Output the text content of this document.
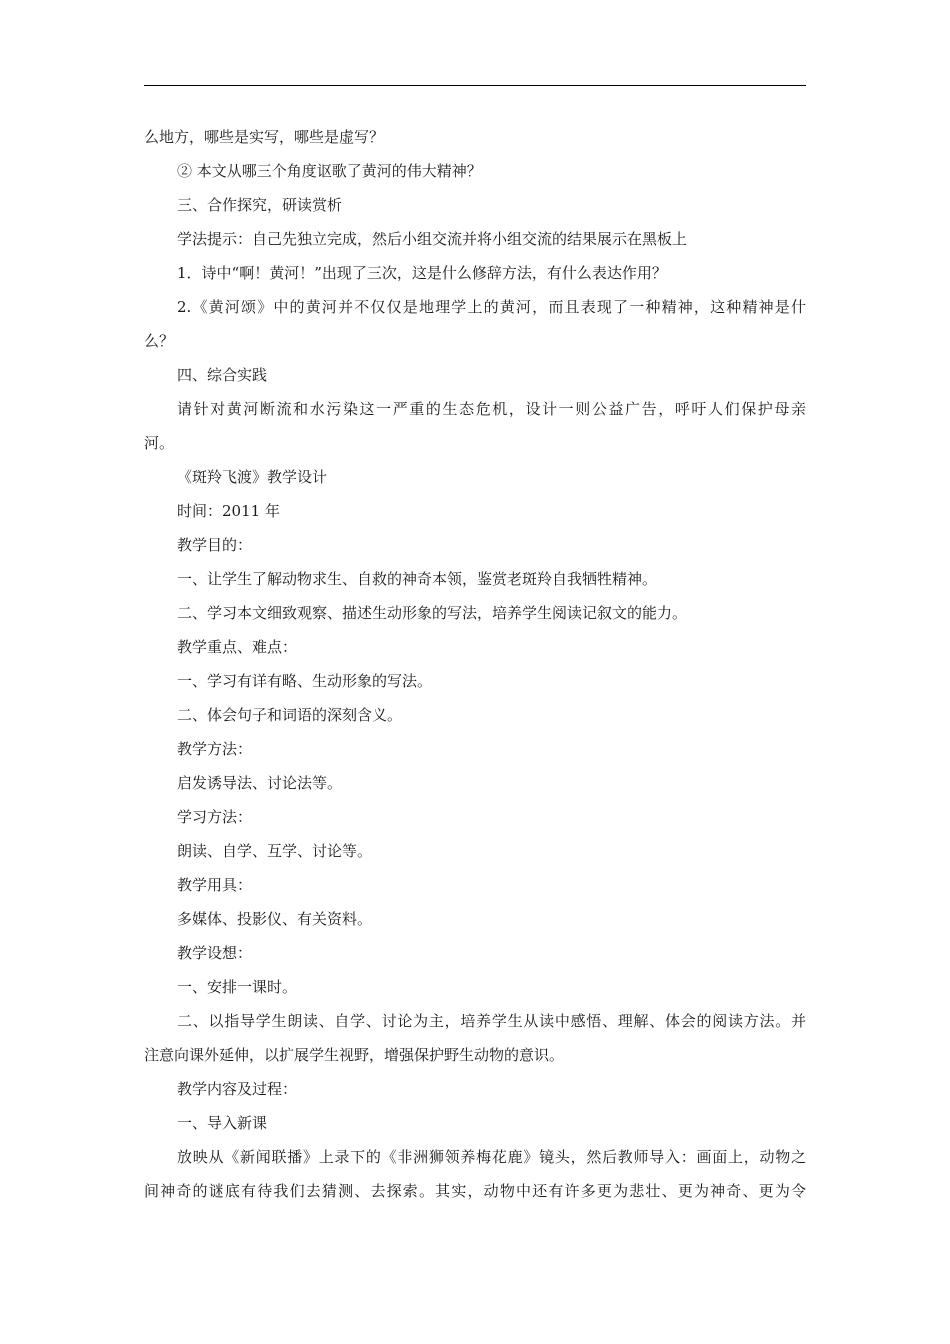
么地方，哪些是实写，哪些是虚写？
② 本文从哪三个角度讴歌了黄河的伟大精神？
三、合作探究，研读赏析
学法提示：自己先独立完成，然后小组交流并将小组交流的结果展示在黑板上
1．诗中“啊！黄河！”出现了三次，这是什么修辞方法，有什么表达作用？
2.《黄河颂》中的黄河并不仅仅是地理学上的黄河，而且表现了一种精神，这种精神是什
么？
四、综合实践
请针对黄河断流和水污染这一严重的生态危机，设计一则公益广告，呼吁人们保护母亲
河。
《斑羚飞渡》教学设计
时间：2011 年
教学目的：
一、让学生了解动物求生、自救的神奇本领，鉴赏老斑羚自我牺牲精神。
二、学习本文细致观察、描述生动形象的写法，培养学生阅读记叙文的能力。
教学重点、难点：
一、学习有详有略、生动形象的写法。
二、体会句子和词语的深刻含义。
教学方法：
启发诱导法、讨论法等。
学习方法：
朗读、自学、互学、讨论等。
教学用具：
多媒体、投影仪、有关资料。
教学设想：
一、安排一课时。
二、以指导学生朗读、自学、讨论为主，培养学生从读中感悟、理解、体会的阅读方法。并
注意向课外延伸，以扩展学生视野，增强保护野生动物的意识。
教学内容及过程：
一、导入新课
放映从《新闻联播》上录下的《非洲狮领养梅花鹿》镜头，然后教师导入：画面上，动物之
间神奇的谜底有待我们去猜测、去探索。其实，动物中还有许多更为悲壮、更为神奇、更为令
